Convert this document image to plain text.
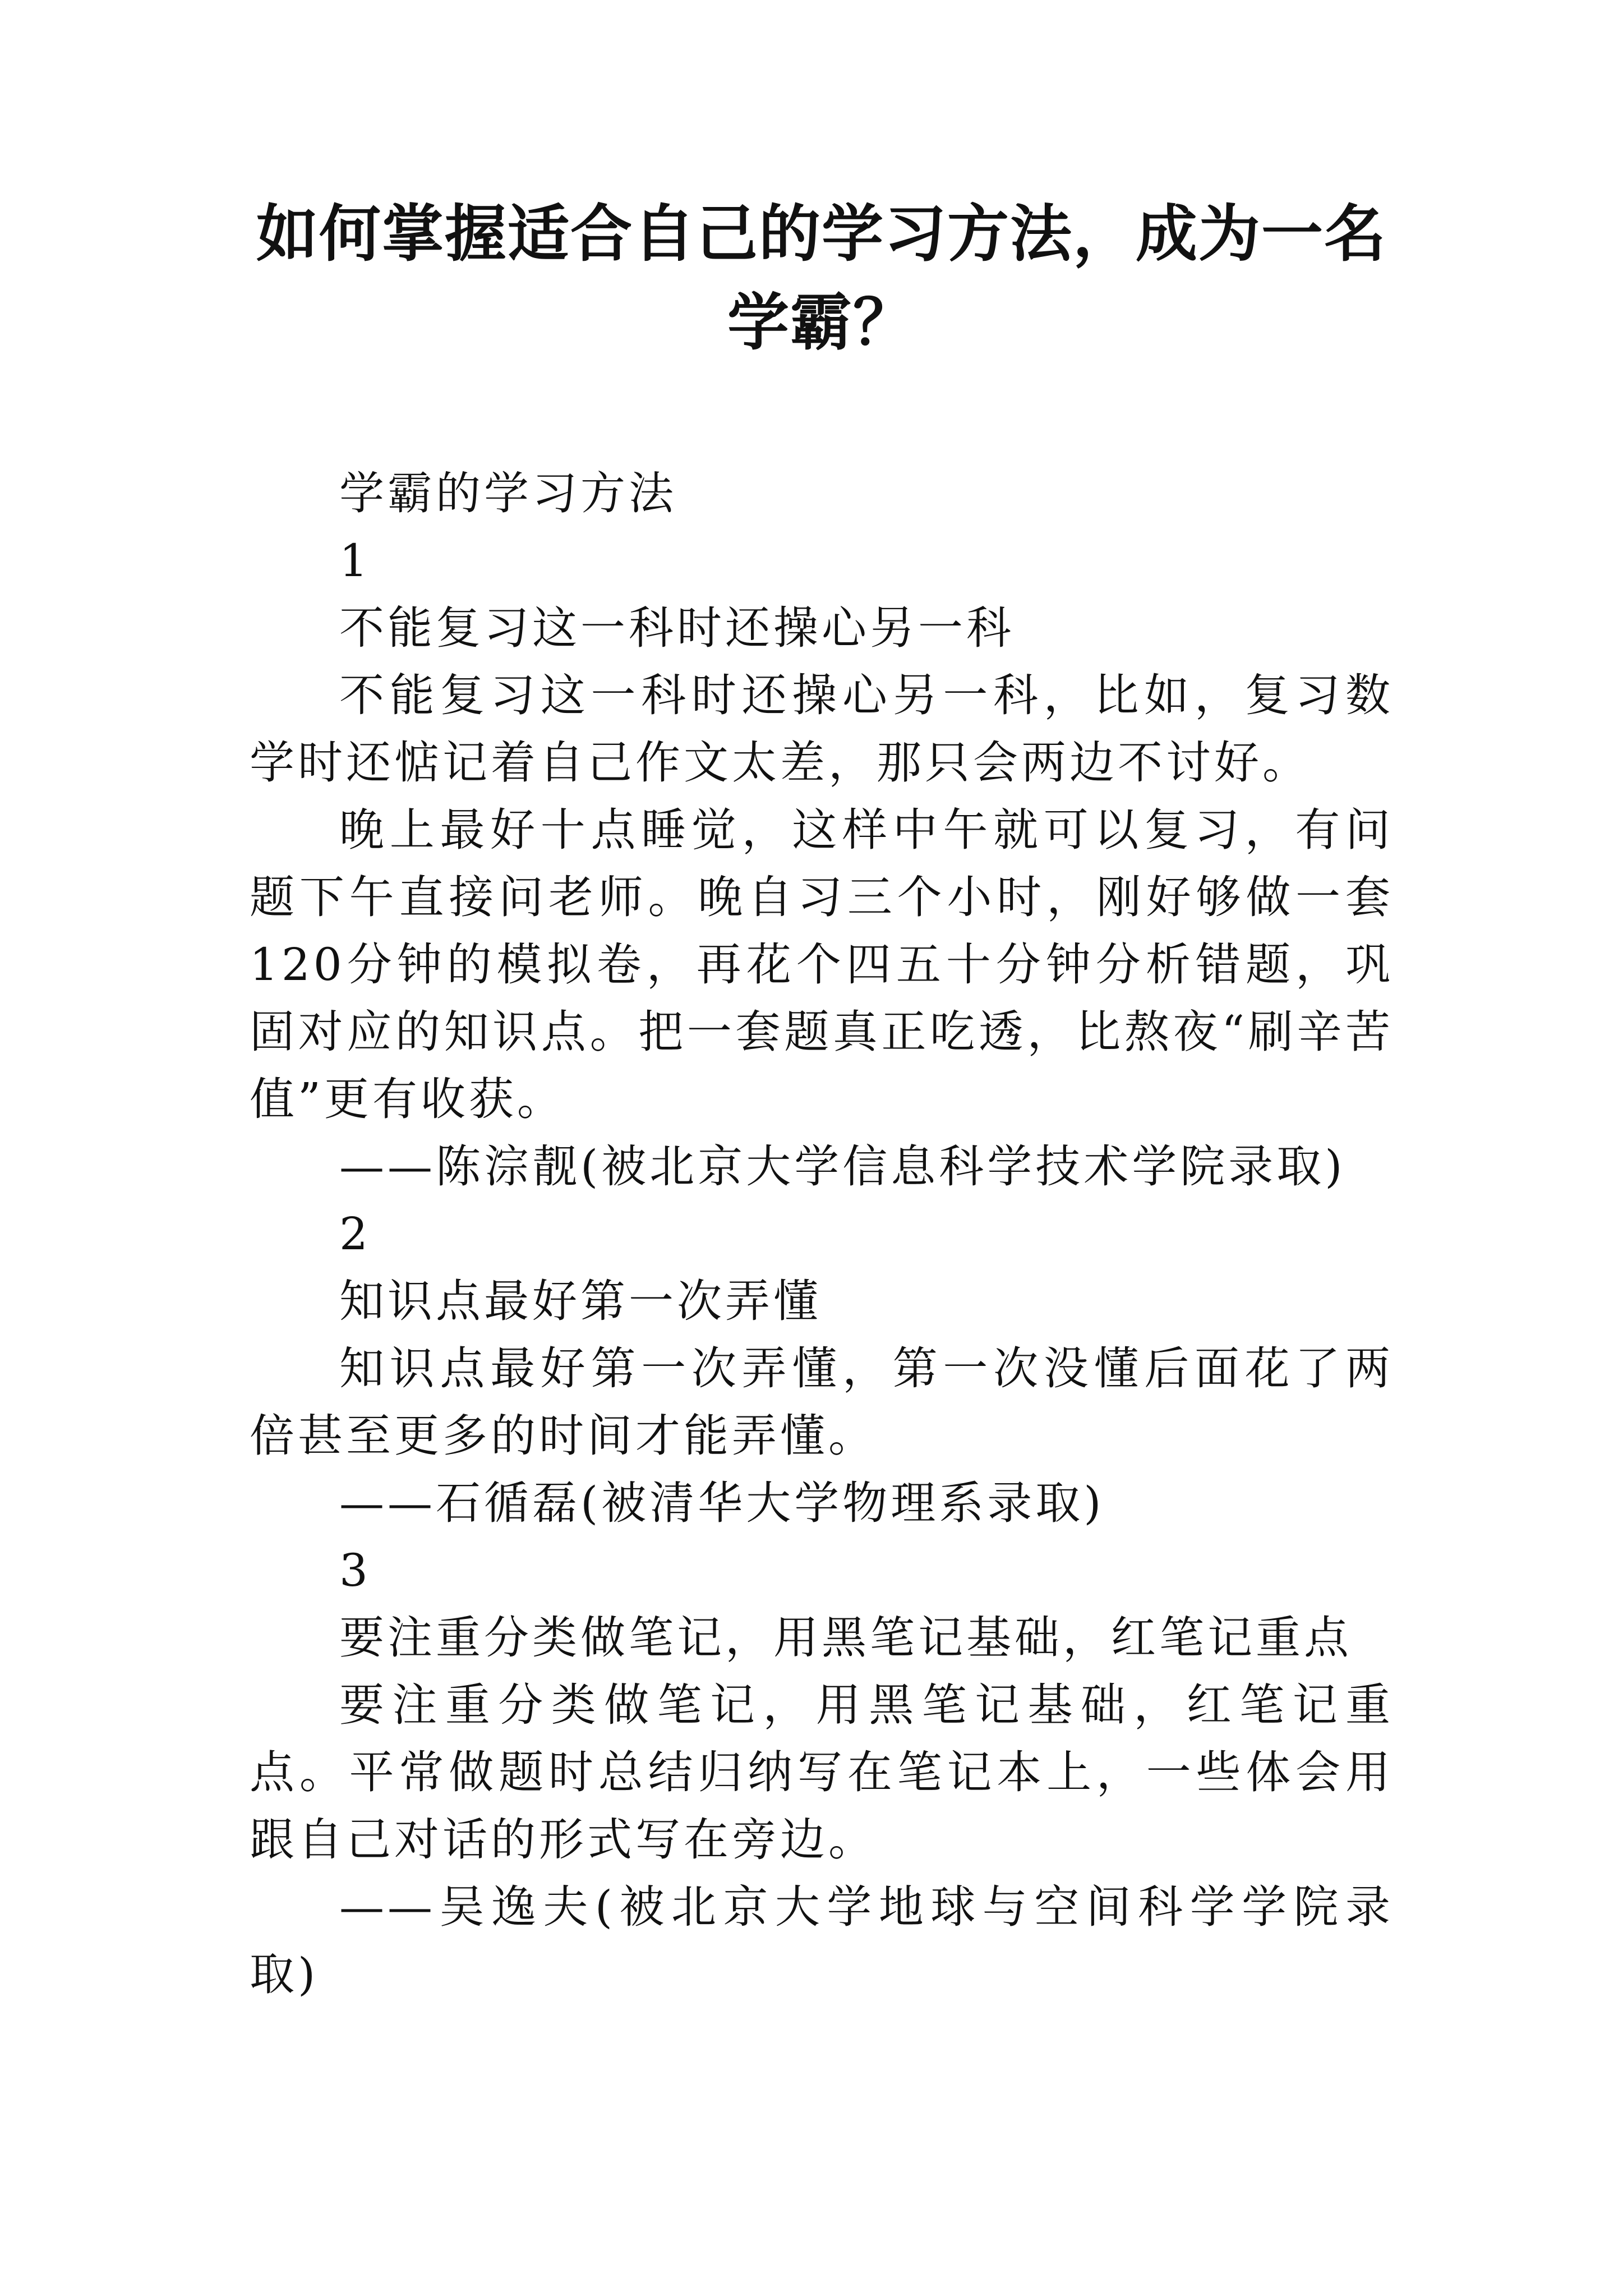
如何掌握适合自己的学习方法，成为一名学霸？

学霸的学习方法

1

不能复习这一科时还操心另一科

不能复习这一科时还操心另一科，比如，复习数学时还惦记着自己作文太差，那只会两边不讨好。

晚上最好十点睡觉，这样中午就可以复习，有问题下午直接问老师。晚自习三个小时，刚好够做一套120分钟的模拟卷，再花个四五十分钟分析错题，巩固对应的知识点。把一套题真正吃透，比熬夜“刷辛苦值”更有收获。

——陈淙靓(被北京大学信息科学技术学院录取)

2

知识点最好第一次弄懂

知识点最好第一次弄懂，第一次没懂后面花了两倍甚至更多的时间才能弄懂。

——石循磊(被清华大学物理系录取)

3

要注重分类做笔记，用黑笔记基础，红笔记重点

要注重分类做笔记，用黑笔记基础，红笔记重点。平常做题时总结归纳写在笔记本上，一些体会用跟自己对话的形式写在旁边。

——吴逸夫(被北京大学地球与空间科学学院录取)
